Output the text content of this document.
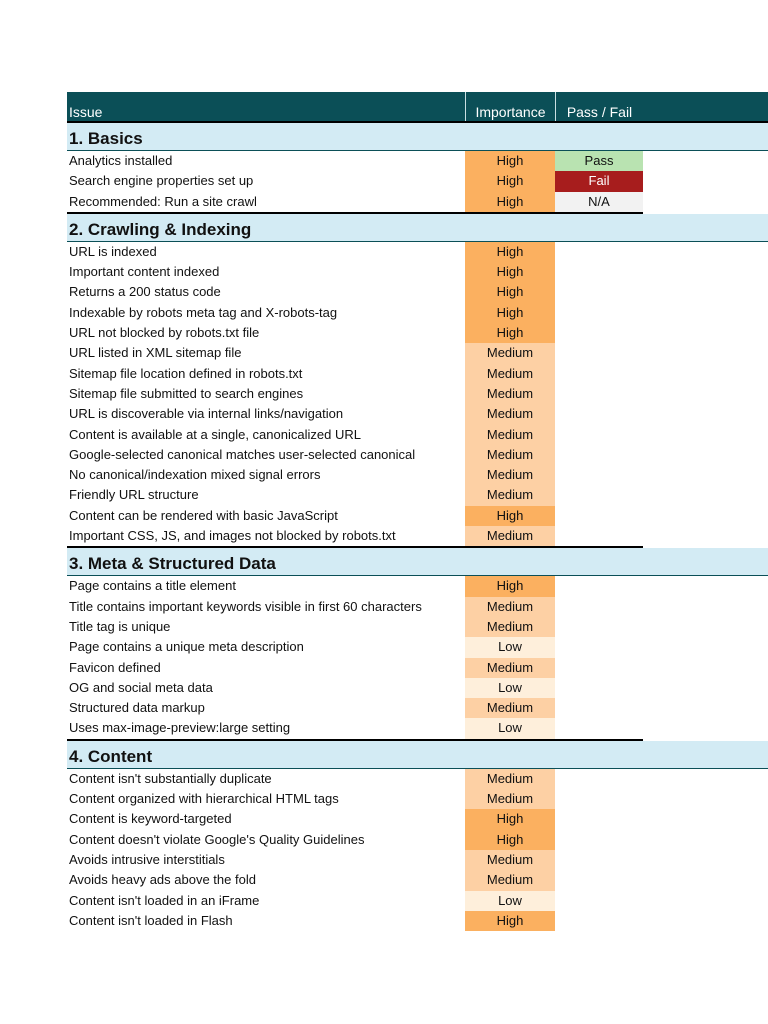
Issue	Importance	Pass / Fail
1. Basics
Analytics installed	High	Pass
Search engine properties set up	High	Fail
Recommended: Run a site crawl	High	N/A
2. Crawling & Indexing
URL is indexed	High
Important content indexed	High
Returns a 200 status code	High
Indexable by robots meta tag and X-robots-tag	High
URL not blocked by robots.txt file	High
URL listed in XML sitemap file	Medium
Sitemap file location defined in robots.txt	Medium
Sitemap file submitted to search engines	Medium
URL is discoverable via internal links/navigation	Medium
Content is available at a single, canonicalized URL	Medium
Google-selected canonical matches user-selected canonical	Medium
No canonical/indexation mixed signal errors	Medium
Friendly URL structure	Medium
Content can be rendered with basic JavaScript	High
Important CSS, JS, and images not blocked by robots.txt	Medium
3. Meta & Structured Data
Page contains a title element	High
Title contains important keywords visible in first 60 characters	Medium
Title tag is unique	Medium
Page contains a unique meta description	Low
Favicon defined	Medium
OG and social meta data	Low
Structured data markup	Medium
Uses max-image-preview:large setting	Low
4. Content
Content isn't substantially duplicate	Medium
Content organized with hierarchical HTML tags	Medium
Content is keyword-targeted	High
Content doesn't violate Google's Quality Guidelines	High
Avoids intrusive interstitials	Medium
Avoids heavy ads above the fold	Medium
Content isn't loaded in an iFrame	Low
Content isn't loaded in Flash	High
